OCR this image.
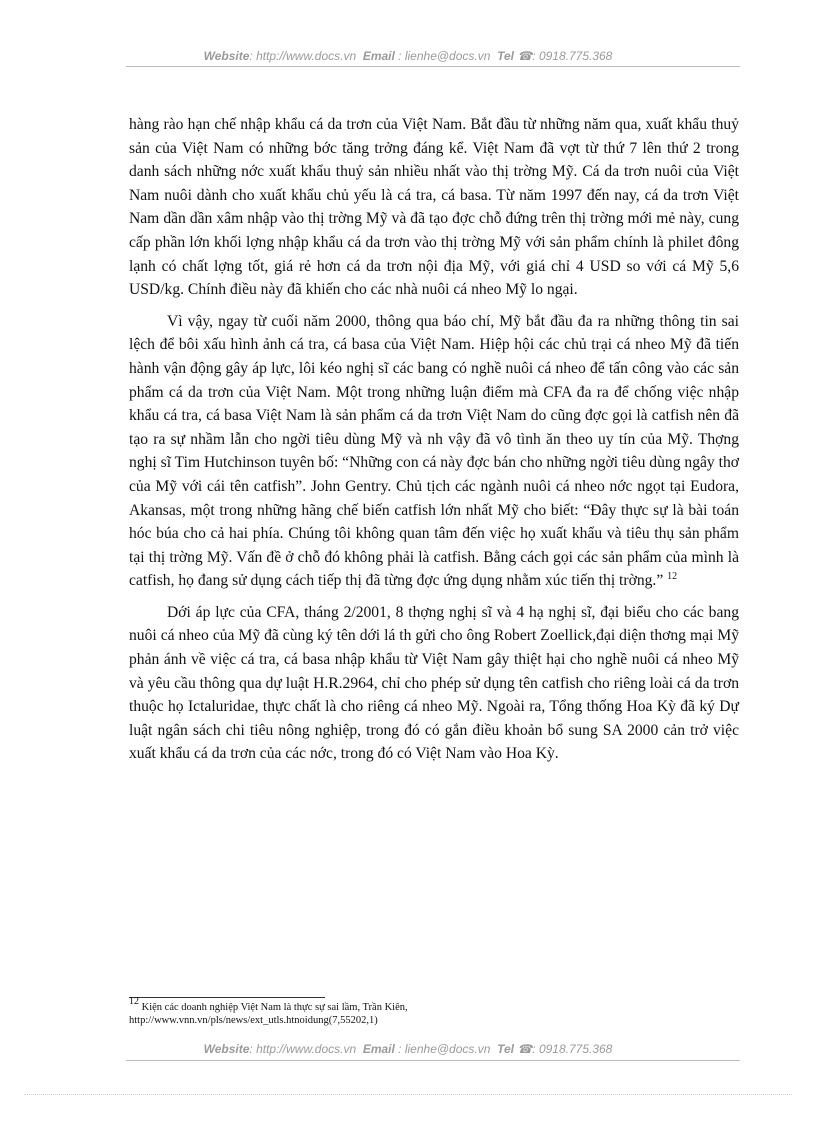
Website: http://www.docs.vn Email : lienhe@docs.vn Tel ☎: 0918.775.368

hàng rào hạn chế nhập khẩu cá da trơn của Việt Nam. Bắt đầu từ những năm qua, xuất khẩu thuỷ sản của Việt Nam có những bớc tăng trởng đáng kể. Việt Nam đã vợt từ thứ 7 lên thứ 2 trong danh sách những nớc xuất khẩu thuỷ sản nhiều nhất vào thị trờng Mỹ. Cá da trơn nuôi của Việt Nam nuôi dành cho xuất khẩu chủ yếu là cá tra, cá basa. Từ năm 1997 đến nay, cá da trơn Việt Nam dần dần xâm nhập vào thị trờng Mỹ và đã tạo đợc chỗ đứng trên thị trờng mới mẻ này, cung cấp phần lớn khối lợng nhập khẩu cá da trơn vào thị trờng Mỹ với sản phẩm chính là philet đông lạnh có chất lợng tốt, giá rẻ hơn cá da trơn nội địa Mỹ, với giá chỉ 4 USD so với cá Mỹ 5,6 USD/kg. Chính điều này đã khiến cho các nhà nuôi cá nheo Mỹ lo ngại.

Vì vậy, ngay từ cuối năm 2000, thông qua báo chí, Mỹ bắt đầu đa ra những thông tin sai lệch để bôi xấu hình ảnh cá tra, cá basa của Việt Nam. Hiệp hội các chủ trại cá nheo Mỹ đã tiến hành vận động gây áp lực, lôi kéo nghị sĩ các bang có nghề nuôi cá nheo để tấn công vào các sản phẩm cá da trơn của Việt Nam. Một trong những luận điểm mà CFA đa ra để chống việc nhập khẩu cá tra, cá basa Việt Nam là sản phẩm cá da trơn Việt Nam do cũng đợc gọi là catfish nên đã tạo ra sự nhầm lẫn cho ngời tiêu dùng Mỹ và nh vậy đã vô tình ăn theo uy tín của Mỹ. Thợng nghị sĩ Tim Hutchinson tuyên bố: “Những con cá này đợc bán cho những ngời tiêu dùng ngây thơ của Mỹ với cái tên catfish”. John Gentry. Chủ tịch các ngành nuôi cá nheo nớc ngọt tại Eudora, Akansas, một trong những hãng chế biến catfish lớn nhất Mỹ cho biết: “Đây thực sự là bài toán hóc búa cho cả hai phía. Chúng tôi không quan tâm đến việc họ xuất khẩu và tiêu thụ sản phẩm tại thị trờng Mỹ. Vấn đề ở chỗ đó không phải là catfish. Bằng cách gọi các sản phẩm của mình là catfish, họ đang sử dụng cách tiếp thị đã từng đợc ứng dụng nhằm xúc tiến thị trờng.” $^{12}$

Dới áp lực của CFA, tháng 2/2001, 8 thợng nghị sĩ và 4 hạ nghị sĩ, đại biểu cho các bang nuôi cá nheo của Mỹ đã cùng ký tên dới lá th gửi cho ông Robert Zoellick,đại diện thơng mại Mỹ phản ánh về việc cá tra, cá basa nhập khẩu từ Việt Nam gây thiệt hại cho nghề nuôi cá nheo Mỹ và yêu cầu thông qua dự luật H.R.2964, chỉ cho phép sử dụng tên catfish cho riêng loài cá da trơn thuộc họ Ictaluridae, thực chất là cho riêng cá nheo Mỹ. Ngoài ra, Tổng thống Hoa Kỳ đã ký Dự luật ngân sách chi tiêu nông nghiệp, trong đó có gắn điều khoản bổ sung SA 2000 cản trở việc xuất khẩu cá da trơn của các nớc, trong đó có Việt Nam vào Hoa Kỳ.

$^{12}$ Kiện các doanh nghiệp Việt Nam là thực sự sai lầm, Trần Kiên,
http://www.vnn.vn/pls/news/ext_utls.htnoidung(7,55202,1)
Website: http://www.docs.vn Email : lienhe@docs.vn Tel ☎: 0918.775.368
